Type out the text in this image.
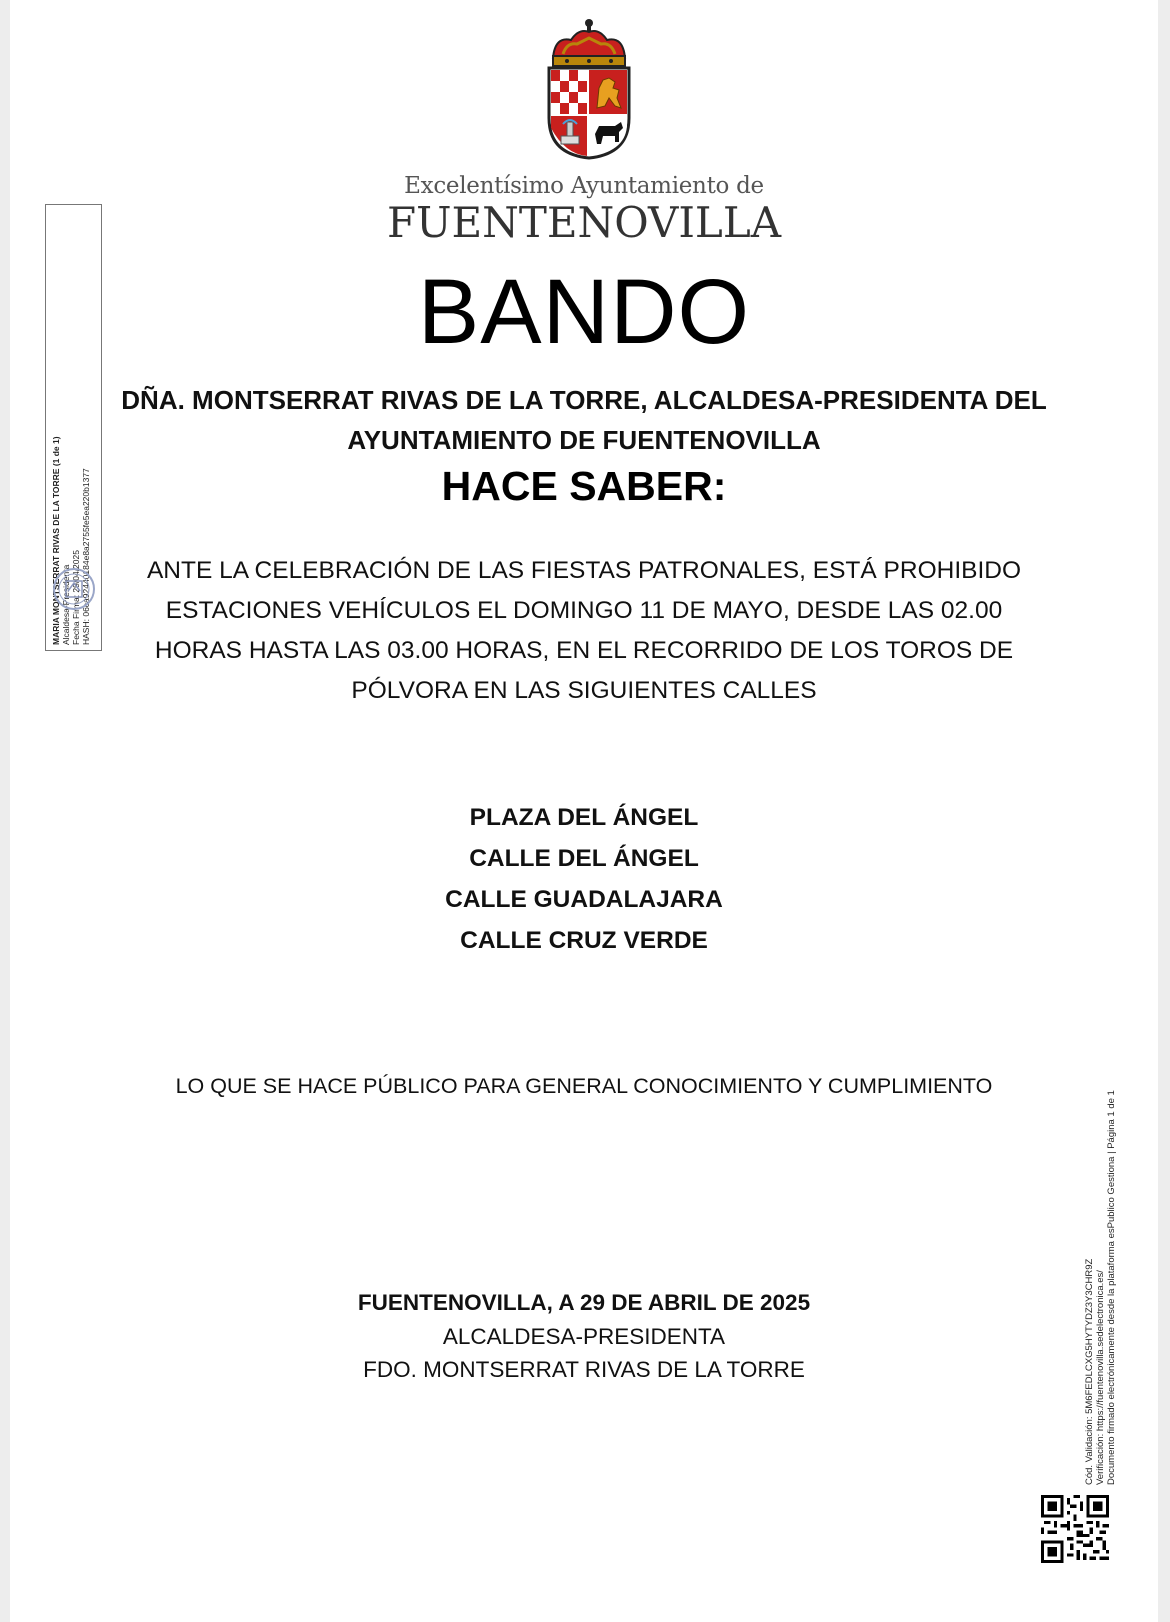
Excelentísimo Ayuntamiento de
FUENTENOVILLA
BANDO
DÑA. MONTSERRAT RIVAS DE LA TORRE, ALCALDESA-PRESIDENTA DEL
AYUNTAMIENTO DE FUENTENOVILLA
HACE SABER:
ANTE LA CELEBRACIÓN DE LAS FIESTAS PATRONALES, ESTÁ PROHIBIDO
ESTACIONES VEHÍCULOS EL DOMINGO 11 DE MAYO, DESDE LAS 02.00
HORAS HASTA LAS 03.00 HORAS, EN EL RECORRIDO DE LOS TOROS DE
PÓLVORA EN LAS SIGUIENTES CALLES
PLAZA DEL ÁNGEL
CALLE DEL ÁNGEL
CALLE GUADALAJARA
CALLE CRUZ VERDE
LO QUE SE HACE PÚBLICO PARA GENERAL CONOCIMIENTO Y CUMPLIMIENTO
FUENTENOVILLA, A 29 DE ABRIL DE 2025
ALCALDESA-PRESIDENTA
FDO. MONTSERRAT RIVAS DE LA TORRE
MARIA MONTSERRAT RIVAS DE LA TORRE (1 de 1) Alcaldesa-Presidenta Fecha Firma: 29/04/2025 HASH: 06ca92440184e8a2755fe5ea220b1377
Cód. Validación: 5M6FEDLCXG5HYTYDZ3Y3CHR9Z Verificación: https://fuentenovilla.sedelectronica.es/ Documento firmado electrónicamente desde la plataforma esPublico Gestiona | Página 1 de 1
